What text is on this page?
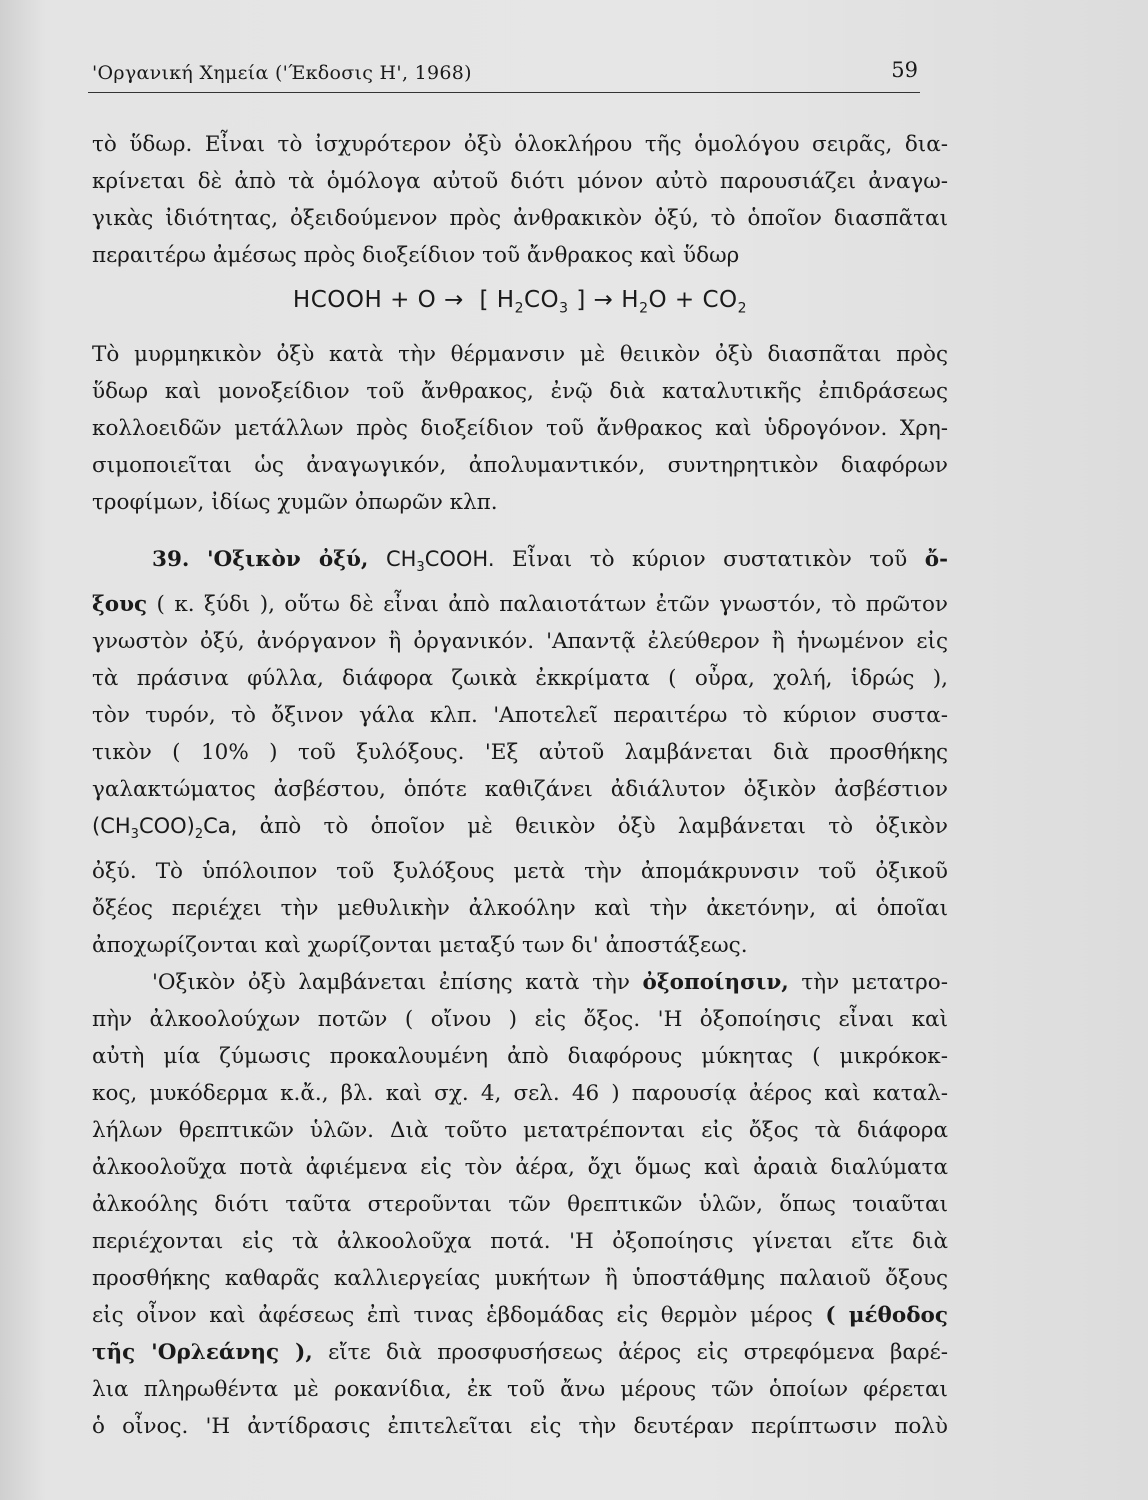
'Οργανική Χημεία ('Έκδοσις Η', 1968)	59
τὸ ὕδωρ. Εἶναι τὸ ἰσχυρότερον ὀξὺ ὁλοκλήρου τῆς ὁμολόγου σειρᾶς, δια-
κρίνεται δὲ ἀπὸ τὰ ὁμόλογα αὐτοῦ διότι μόνον αὐτὸ παρουσιάζει ἀναγω-
γικὰς ἰδιότητας, ὀξειδούμενον πρὸς ἀνθρακικὸν ὀξύ, τὸ ὁποῖον διασπᾶται
περαιτέρω ἀμέσως πρὸς διοξείδιον τοῦ ἄνθρακος καὶ ὕδωρ
HCOOH + O → [ $H_2CO_3$ ] → $H_2O + CO_2$
Τὸ μυρμηκικὸν ὀξὺ κατὰ τὴν θέρμανσιν μὲ θειικὸν ὀξὺ διασπᾶται πρὸς
ὕδωρ καὶ μονοξείδιον τοῦ ἄνθρακος, ἐνῷ διὰ καταλυτικῆς ἐπιδράσεως
κολλοειδῶν μετάλλων πρὸς διοξείδιον τοῦ ἄνθρακος καὶ ὑδρογόνον. Χρη-
σιμοποιεῖται ὡς ἀναγωγικόν, ἀπολυμαντικόν, συντηρητικὸν διαφόρων
τροφίμων, ἰδίως χυμῶν ὀπωρῶν κλπ.
39. 'Οξικὸν ὀξύ, $CH_3COOH$. Εἶναι τὸ κύριον συστατικὸν τοῦ ὄ-
ξους ( κ. ξύδι ), οὕτω δὲ εἶναι ἀπὸ παλαιοτάτων ἐτῶν γνωστόν, τὸ πρῶτον
γνωστὸν ὀξύ, ἀνόργανον ἢ ὀργανικόν. 'Απαντᾷ ἐλεύθερον ἢ ἡνωμένον εἰς
τὰ πράσινα φύλλα, διάφορα ζωικὰ ἐκκρίματα ( οὖρα, χολή, ἱδρώς ),
τὸν τυρόν, τὸ ὄξινον γάλα κλπ. 'Αποτελεῖ περαιτέρω τὸ κύριον συστα-
τικὸν ( 10% ) τοῦ ξυλόξους. 'Εξ αὐτοῦ λαμβάνεται διὰ προσθήκης
γαλακτώματος ἀσβέστου, ὁπότε καθιζάνει ἀδιάλυτον ὀξικὸν ἀσβέστιον
$(CH_3COO)_2Ca$, ἀπὸ τὸ ὁποῖον μὲ θειικὸν ὀξὺ λαμβάνεται τὸ ὀξικὸν
ὀξύ. Τὸ ὑπόλοιπον τοῦ ξυλόξους μετὰ τὴν ἀπομάκρυνσιν τοῦ ὀξικοῦ
ὄξέος περιέχει τὴν μεθυλικὴν ἀλκοόλην καὶ τὴν ἀκετόνην, αἱ ὁποῖαι
ἀποχωρίζονται καὶ χωρίζονται μεταξύ των δι' ἀποστάξεως.
'Οξικὸν ὀξὺ λαμβάνεται ἐπίσης κατὰ τὴν ὀξοποίησιν, τὴν μετατρο-
πὴν ἀλκοολούχων ποτῶν ( οἴνου ) εἰς ὄξος. 'Η ὀξοποίησις εἶναι καὶ
αὐτὴ μία ζύμωσις προκαλουμένη ἀπὸ διαφόρους μύκητας ( μικρόκοκ-
κος, μυκόδερμα κ.ἄ., βλ. καὶ σχ. 4, σελ. 46 ) παρουσίᾳ ἀέρος καὶ καταλ-
λήλων θρεπτικῶν ὑλῶν. Διὰ τοῦτο μετατρέπονται εἰς ὄξος τὰ διάφορα
ἀλκοολοῦχα ποτὰ ἀφιέμενα εἰς τὸν ἀέρα, ὄχι ὅμως καὶ ἀραιὰ διαλύματα
ἀλκοόλης διότι ταῦτα στεροῦνται τῶν θρεπτικῶν ὑλῶν, ὅπως τοιαῦται
περιέχονται εἰς τὰ ἀλκοολοῦχα ποτά. 'Η ὀξοποίησις γίνεται εἴτε διὰ
προσθήκης καθαρᾶς καλλιεργείας μυκήτων ἢ ὑποστάθμης παλαιοῦ ὄξους
εἰς οἶνον καὶ ἀφέσεως ἐπὶ τινας ἑβδομάδας εἰς θερμὸν μέρος ( μέθοδος
τῆς 'Ορλεάνης ), εἴτε διὰ προσφυσήσεως ἀέρος εἰς στρεφόμενα βαρέ-
λια πληρωθέντα μὲ ροκανίδια, ἐκ τοῦ ἄνω μέρους τῶν ὁποίων φέρεται
ὁ οἶνος. 'Η ἀντίδρασις ἐπιτελεῖται εἰς τὴν δευτέραν περίπτωσιν πολὺ
